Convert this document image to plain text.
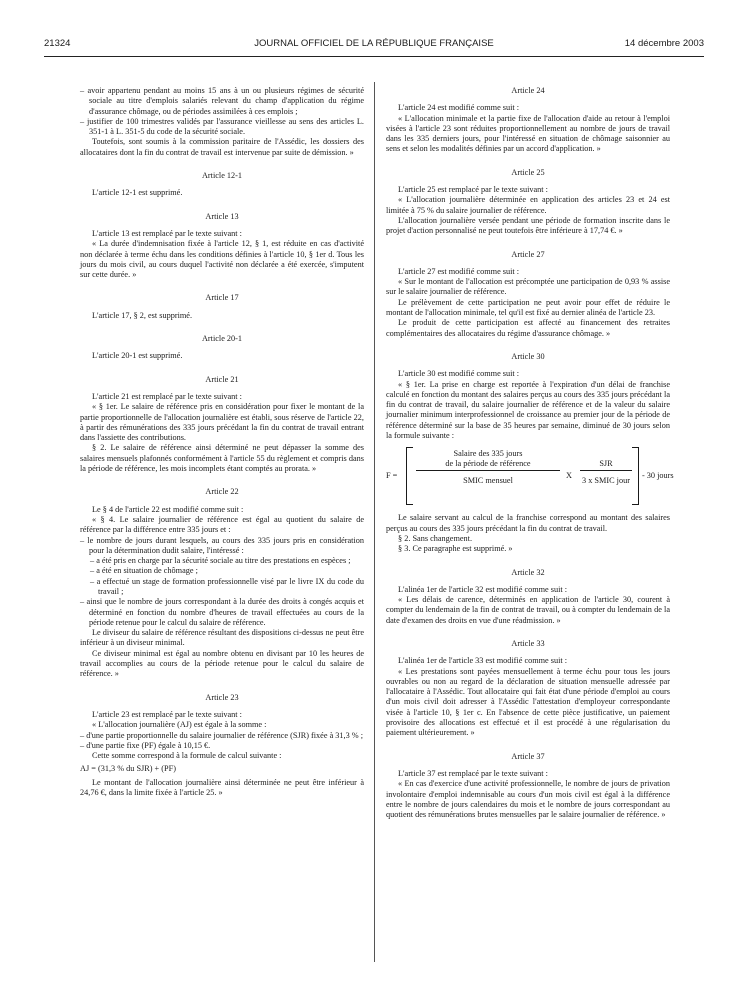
21324	JOURNAL OFFICIEL DE LA RÉPUBLIQUE FRANÇAISE	14 décembre 2003

– avoir appartenu pendant au moins 15 ans à un ou plusieurs régimes de sécurité sociale au titre d'emplois salariés relevant du champ d'application du régime d'assurance chômage, ou de périodes assimilées à ces emplois ;

– justifier de 100 trimestres validés par l'assurance vieillesse au sens des articles L. 351-1 à L. 351-5 du code de la sécurité sociale.

Toutefois, sont soumis à la commission paritaire de l'Assédic, les dossiers des allocataires dont la fin du contrat de travail est intervenue par suite de démission. »

Article 12-1

L'article 12-1 est supprimé.

Article 13

L'article 13 est remplacé par le texte suivant :

« La durée d'indemnisation fixée à l'article 12, § 1, est réduite en cas d'activité non déclarée à terme échu dans les conditions définies à l'article 10, § 1er d. Tous les jours du mois civil, au cours duquel l'activité non déclarée a été exercée, s'imputent sur cette durée. »

Article 17

L'article 17, § 2, est supprimé.

Article 20-1

L'article 20-1 est supprimé.

Article 21

L'article 21 est remplacé par le texte suivant :

« § 1er. Le salaire de référence pris en considération pour fixer le montant de la partie proportionnelle de l'allocation journalière est établi, sous réserve de l'article 22, à partir des rémunérations des 335 jours précédant la fin du contrat de travail entrant dans l'assiette des contributions.

§ 2. Le salaire de référence ainsi déterminé ne peut dépasser la somme des salaires mensuels plafonnés conformément à l'article 55 du règlement et compris dans la période de référence, les mois incomplets étant comptés au prorata. »

Article 22

Le § 4 de l'article 22 est modifié comme suit :

« § 4. Le salaire journalier de référence est égal au quotient du salaire de référence par la différence entre 335 jours et :

– le nombre de jours durant lesquels, au cours des 335 jours pris en considération pour la détermination dudit salaire, l'intéressé :

– a été pris en charge par la sécurité sociale au titre des prestations en espèces ;

– a été en situation de chômage ;

– a effectué un stage de formation professionnelle visé par le livre IX du code du travail ;

– ainsi que le nombre de jours correspondant à la durée des droits à congés acquis et déterminé en fonction du nombre d'heures de travail effectuées au cours de la période retenue pour le calcul du salaire de référence.

Le diviseur du salaire de référence résultant des dispositions ci-dessus ne peut être inférieur à un diviseur minimal.

Ce diviseur minimal est égal au nombre obtenu en divisant par 10 les heures de travail accomplies au cours de la période retenue pour le calcul du salaire de référence. »

Article 23

L'article 23 est remplacé par le texte suivant :

« L'allocation journalière (AJ) est égale à la somme :

– d'une partie proportionnelle du salaire journalier de référence (SJR) fixée à 31,3 % ;

– d'une partie fixe (PF) égale à 10,15 €.

Cette somme correspond à la formule de calcul suivante :

AJ = (31,3 % du SJR) + (PF)

Le montant de l'allocation journalière ainsi déterminée ne peut être inférieur à 24,76 €, dans la limite fixée à l'article 25. »

Article 24

L'article 24 est modifié comme suit :

« L'allocation minimale et la partie fixe de l'allocation d'aide au retour à l'emploi visées à l'article 23 sont réduites proportionnellement au nombre de jours de travail dans les 335 derniers jours, pour l'intéressé en situation de chômage saisonnier au sens et selon les modalités définies par un accord d'application. »

Article 25

L'article 25 est remplacé par le texte suivant :

« L'allocation journalière déterminée en application des articles 23 et 24 est limitée à 75 % du salaire journalier de référence.

L'allocation journalière versée pendant une période de formation inscrite dans le projet d'action personnalisé ne peut toutefois être inférieure à 17,74 €. »

Article 27

L'article 27 est modifié comme suit :

« Sur le montant de l'allocation est précomptée une participation de 0,93 % assise sur le salaire journalier de référence.

Le prélèvement de cette participation ne peut avoir pour effet de réduire le montant de l'allocation minimale, tel qu'il est fixé au dernier alinéa de l'article 23.

Le produit de cette participation est affecté au financement des retraites complémentaires des allocataires du régime d'assurance chômage. »

Article 30

L'article 30 est modifié comme suit :

« § 1er. La prise en charge est reportée à l'expiration d'un délai de franchise calculé en fonction du montant des salaires perçus au cours des 335 jours précédant la fin du contrat de travail, du salaire journalier de référence et de la valeur du salaire journalier minimum interprofessionnel de croissance au premier jour de la période de référence déterminé sur la base de 35 heures par semaine, diminué de 30 jours selon la formule suivante :

F =
Salaire des 335 jours
de la période de référence
SMIC mensuel
X
SJR
3 x SMIC jour
- 30 jours

Le salaire servant au calcul de la franchise correspond au montant des salaires perçus au cours des 335 jours précédant la fin du contrat de travail.

§ 2. Sans changement.

§ 3. Ce paragraphe est supprimé. »

Article 32

L'alinéa 1er de l'article 32 est modifié comme suit :

« Les délais de carence, déterminés en application de l'article 30, courent à compter du lendemain de la fin de contrat de travail, ou à compter du lendemain de la date d'examen des droits en vue d'une réadmission. »

Article 33

L'alinéa 1er de l'article 33 est modifié comme suit :

« Les prestations sont payées mensuellement à terme échu pour tous les jours ouvrables ou non au regard de la déclaration de situation mensuelle adressée par l'allocataire à l'Assédic. Tout allocataire qui fait état d'une période d'emploi au cours d'un mois civil doit adresser à l'Assédic l'attestation d'employeur correspondante visée à l'article 10, § 1er c. En l'absence de cette pièce justificative, un paiement provisoire des allocations est effectué et il est procédé à une régularisation du paiement ultérieurement. »

Article 37

L'article 37 est remplacé par le texte suivant :

« En cas d'exercice d'une activité professionnelle, le nombre de jours de privation involontaire d'emploi indemnisable au cours d'un mois civil est égal à la différence entre le nombre de jours calendaires du mois et le nombre de jours correspondant au quotient des rémunérations brutes mensuelles par le salaire journalier de référence. »
